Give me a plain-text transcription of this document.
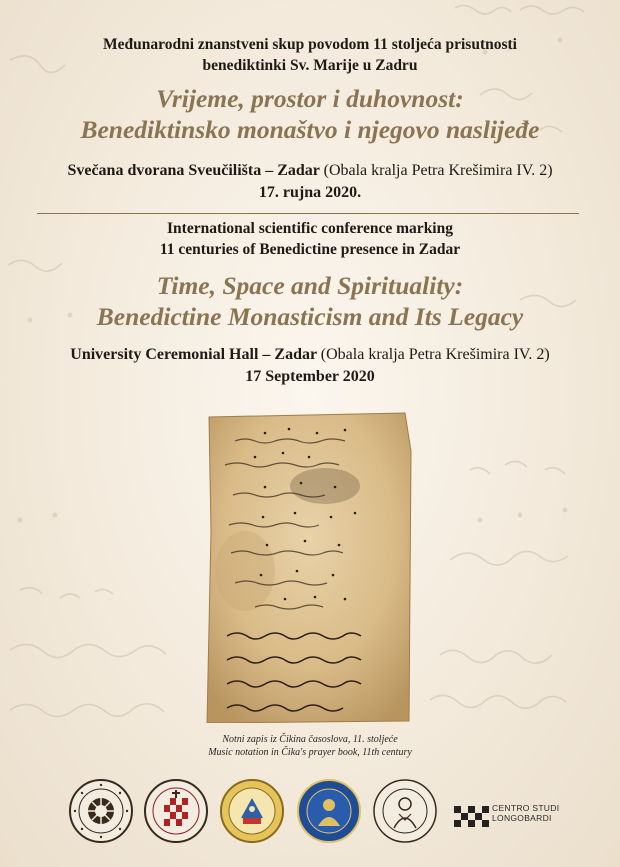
Međunarodni znanstveni skup povodom 11 stoljeća prisutnosti
benediktinki Sv. Marije u Zadru
Vrijeme, prostor i duhovnost:
Benediktinsko monaštvo i njegovo naslijeđe
Svečana dvorana Sveučilišta – Zadar (Obala kralja Petra Krešimira IV. 2)
17. rujna 2020.
International scientific conference marking
11 centuries of Benedictine presence in Zadar
Time, Space and Spirituality:
Benedictine Monasticism and Its Legacy
University Ceremonial Hall – Zadar (Obala kralja Petra Krešimira IV. 2)
17 September 2020
Notni zapis iz Čikina časoslova, 11. stoljeće
Music notation in Čika's prayer book, 11th century
CENTRO STUDI
LONGOBARDI
